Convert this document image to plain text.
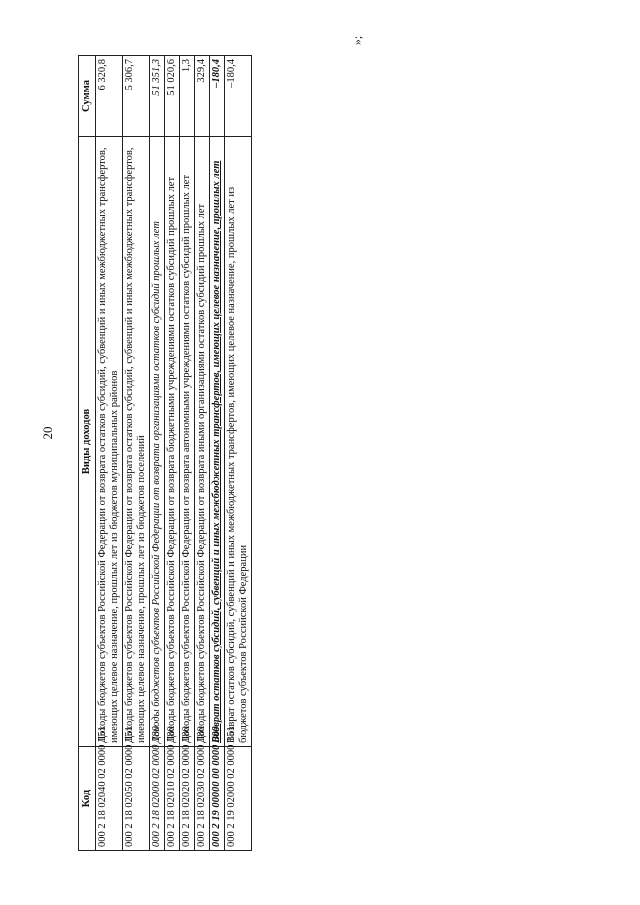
20
»;
Код	Виды доходов	Сумма
000 2 18 02040 02 0000 151	Доходы бюджетов субъектов Российской Федерации от возврата остатков субсидий, субвенций и иных межбюджетных трансфертов, имеющих целевое назначение, прошлых лет из бюджетов муниципальных районов	6 320,8
000 2 18 02050 02 0000 151	Доходы бюджетов субъектов Российской Федерации от возврата остатков субсидий, субвенций и иных межбюджетных трансфертов, имеющих целевое назначение, прошлых лет из бюджетов поселений	5 306,7
000 2 18 02000 02 0000 180	Доходы бюджетов субъектов Российской Федерации от возврата организациями остатков субсидий прошлых лет	51 351,3
000 2 18 02010 02 0000 180	Доходы бюджетов субъектов Российской Федерации от возврата бюджетными учреждениями остатков субсидий прошлых лет	51 020,6
000 2 18 02020 02 0000 180	Доходы бюджетов субъектов Российской Федерации от возврата автономными учреждениями остатков субсидий прошлых лет	1,3
000 2 18 02030 02 0000 180	Доходы бюджетов субъектов Российской Федерации от возврата иными организациями остатков субсидий прошлых лет	329,4
000 2 19 00000 00 0000 000	Возврат остатков субсидий, субвенций и иных межбюджетных трансфертов, имеющих целевое назначение, прошлых лет	–180,4
000 2 19 02000 02 0000 151	Возврат остатков субсидий, субвенций и иных межбюджетных трансфертов, имеющих целевое назначение, прошлых лет из бюджетов субъектов Российской Федерации	–180,4
